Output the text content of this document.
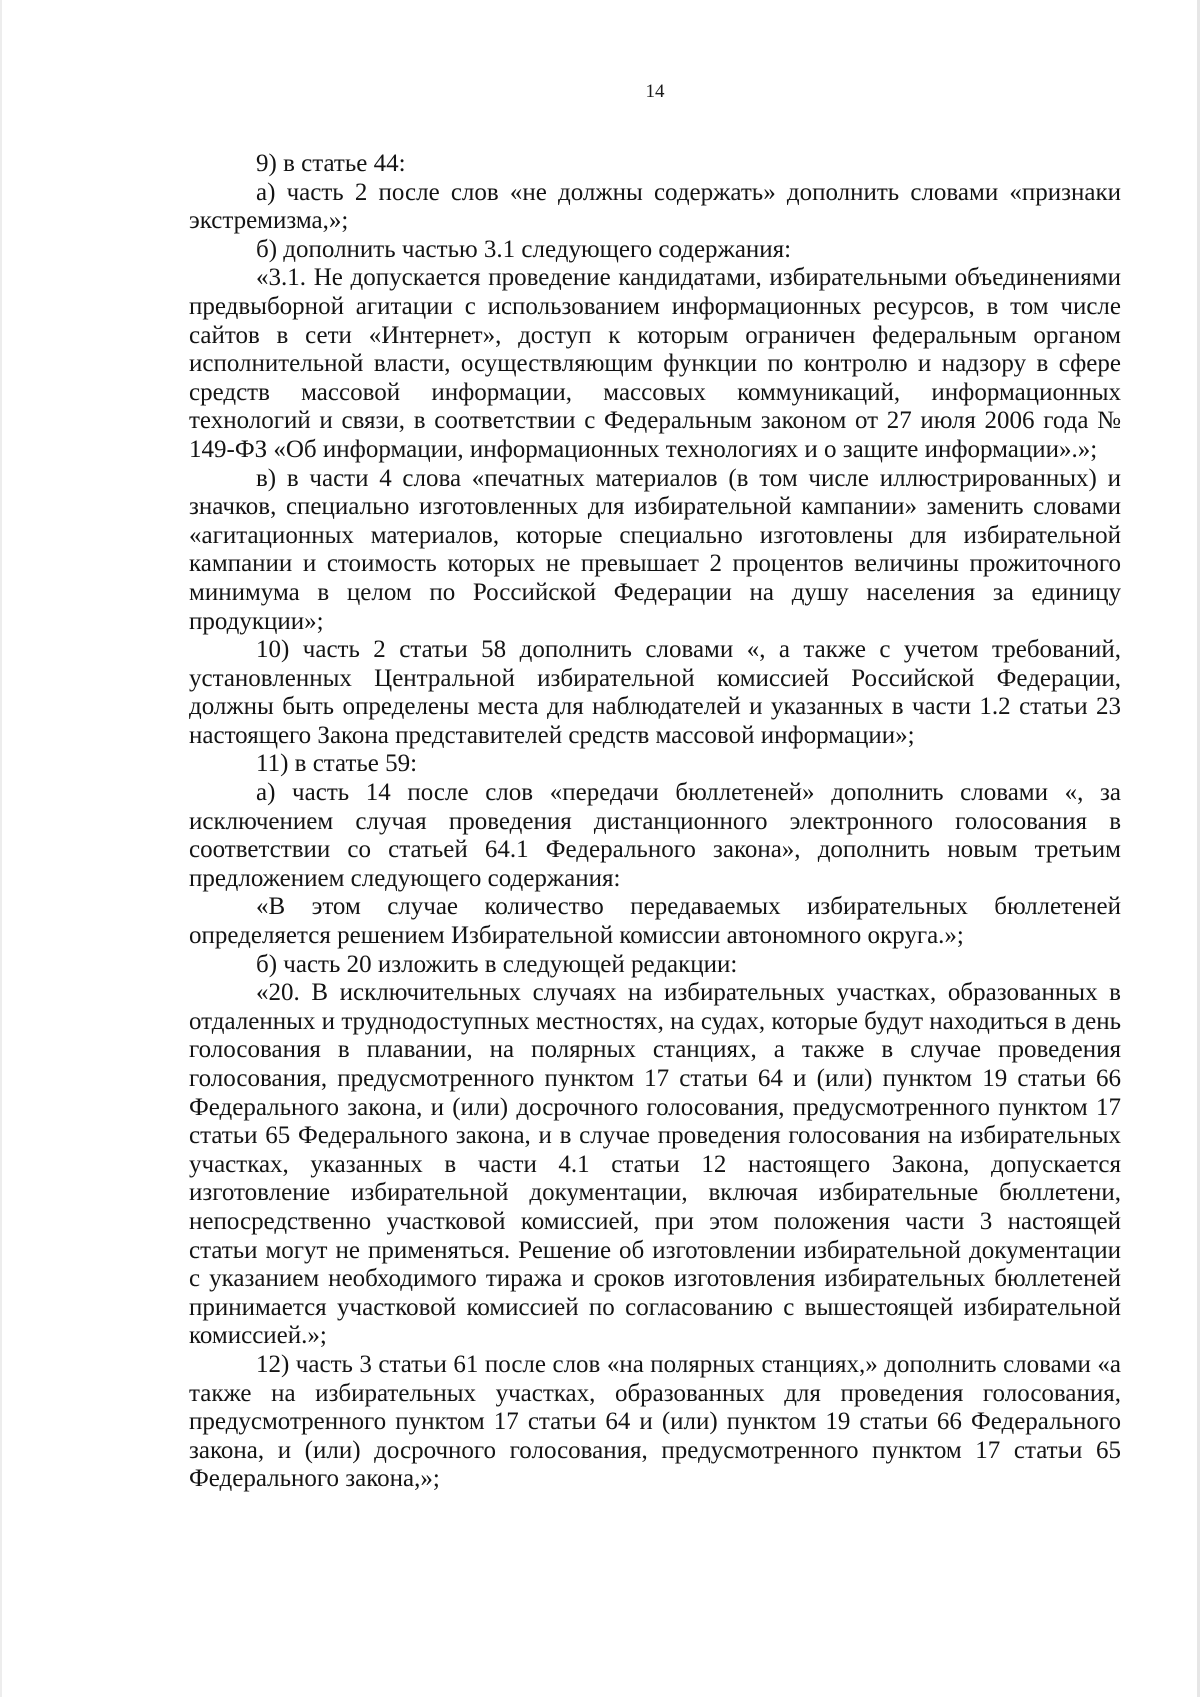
14

9) в статье 44:

а) часть 2 после слов «не должны содержать» дополнить словами «признаки экстремизма,»;

б) дополнить частью 3.1 следующего содержания:

«3.1. Не допускается проведение кандидатами, избирательными объединениями предвыборной агитации с использованием информационных ресурсов, в том числе сайтов в сети «Интернет», доступ к которым ограничен федеральным органом исполнительной власти, осуществляющим функции по контролю и надзору в сфере средств массовой информации, массовых коммуникаций, информационных технологий и связи, в соответствии с Федеральным законом от 27 июля 2006 года № 149-ФЗ «Об информации, информационных технологиях и о защите информации».»;

в) в части 4 слова «печатных материалов (в том числе иллюстрированных) и значков, специально изготовленных для избирательной кампании» заменить словами «агитационных материалов, которые специально изготовлены для избирательной кампании и стоимость которых не превышает 2 процентов величины прожиточного минимума в целом по Российской Федерации на душу населения за единицу продукции»;

10) часть 2 статьи 58 дополнить словами «, а также с учетом требований, установленных Центральной избирательной комиссией Российской Федерации, должны быть определены места для наблюдателей и указанных в части 1.2 статьи 23 настоящего Закона представителей средств массовой информации»;

11) в статье 59:

а) часть 14 после слов «передачи бюллетеней» дополнить словами «, за исключением случая проведения дистанционного электронного голосования в соответствии со статьей 64.1 Федерального закона», дополнить новым третьим предложением следующего содержания:

«В этом случае количество передаваемых избирательных бюллетеней определяется решением Избирательной комиссии автономного округа.»;

б) часть 20 изложить в следующей редакции:

«20. В исключительных случаях на избирательных участках, образованных в отдаленных и труднодоступных местностях, на судах, которые будут находиться в день голосования в плавании, на полярных станциях, а также в случае проведения голосования, предусмотренного пунктом 17 статьи 64 и (или) пунктом 19 статьи 66 Федерального закона, и (или) досрочного голосования, предусмотренного пунктом 17 статьи 65 Федерального закона, и в случае проведения голосования на избирательных участках, указанных в части 4.1 статьи 12 настоящего Закона, допускается изготовление избирательной документации, включая избирательные бюллетени, непосредственно участковой комиссией, при этом положения части 3 настоящей статьи могут не применяться. Решение об изготовлении избирательной документации с указанием необходимого тиража и сроков изготовления избирательных бюллетеней принимается участковой комиссией по согласованию с вышестоящей избирательной комиссией.»;

12) часть 3 статьи 61 после слов «на полярных станциях,» дополнить словами «а также на избирательных участках, образованных для проведения голосования, предусмотренного пунктом 17 статьи 64 и (или) пунктом 19 статьи 66 Федерального закона, и (или) досрочного голосования, предусмотренного пунктом 17 статьи 65 Федерального закона,»;
